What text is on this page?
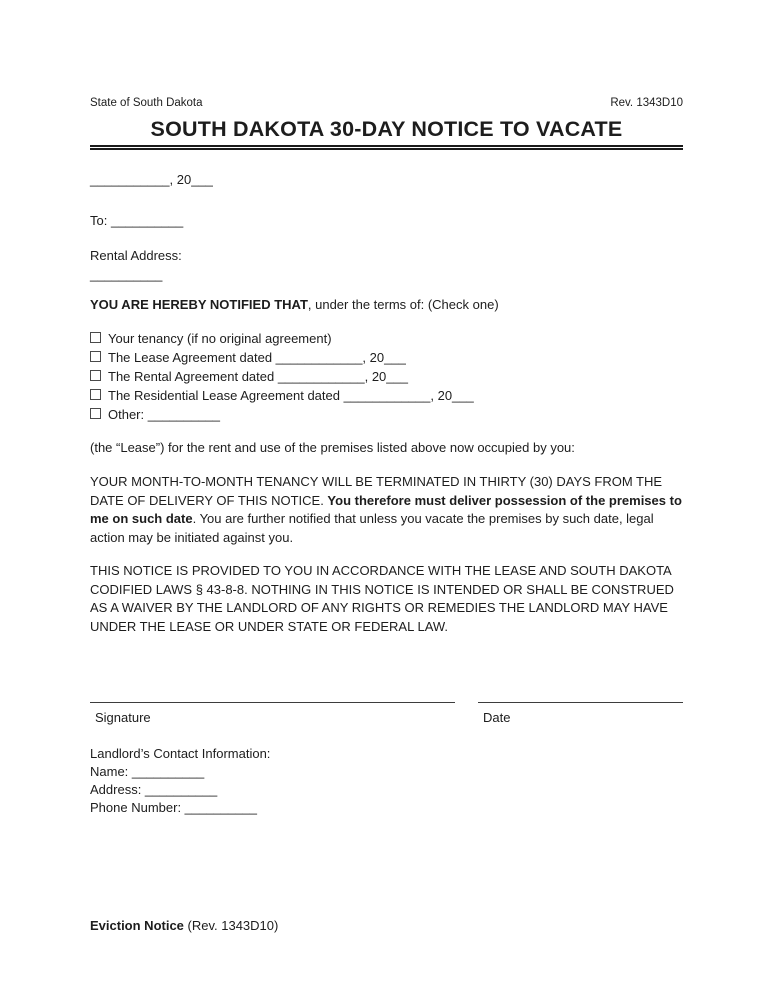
State of South Dakota	Rev. 1343D10
SOUTH DAKOTA 30-DAY NOTICE TO VACATE
___________, 20___
To: __________
Rental Address:
__________
YOU ARE HEREBY NOTIFIED THAT, under the terms of: (Check one)
Your tenancy (if no original agreement)
The Lease Agreement dated ____________, 20___
The Rental Agreement dated ____________, 20___
The Residential Lease Agreement dated ____________, 20___
Other: __________
(the “Lease”) for the rent and use of the premises listed above now occupied by you:
YOUR MONTH-TO-MONTH TENANCY WILL BE TERMINATED IN THIRTY (30) DAYS FROM THE DATE OF DELIVERY OF THIS NOTICE. You therefore must deliver possession of the premises to me on such date. You are further notified that unless you vacate the premises by such date, legal action may be initiated against you.
THIS NOTICE IS PROVIDED TO YOU IN ACCORDANCE WITH THE LEASE AND SOUTH DAKOTA CODIFIED LAWS § 43-8-8. NOTHING IN THIS NOTICE IS INTENDED OR SHALL BE CONSTRUED AS A WAIVER BY THE LANDLORD OF ANY RIGHTS OR REMEDIES THE LANDLORD MAY HAVE UNDER THE LEASE OR UNDER STATE OR FEDERAL LAW.
Signature	Date
Landlord’s Contact Information:
Name: __________
Address: __________
Phone Number: __________
Eviction Notice (Rev. 1343D10)
